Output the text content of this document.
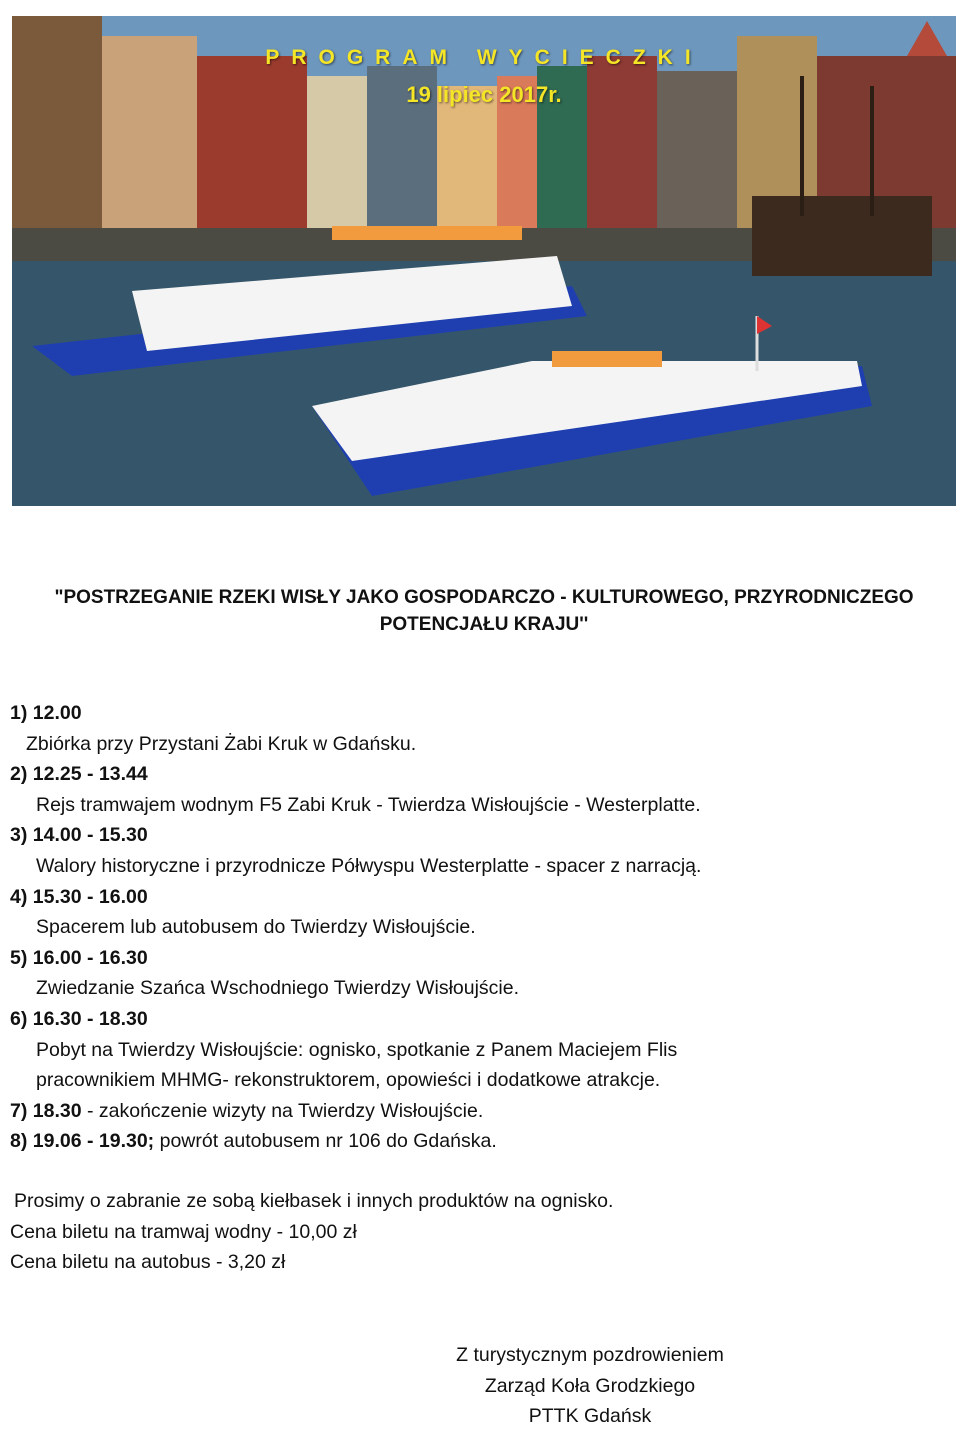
PROGRAM WYCIECZKI
19 lipiec 2017r.
"POSTRZEGANIE RZEKI WISŁY JAKO GOSPODARCZO - KULTUROWEGO, PRZYRODNICZEGO
POTENCJAŁU KRAJU''
1) 12.00
Zbiórka przy Przystani Żabi Kruk w Gdańsku.
2) 12.25 - 13.44
Rejs tramwajem wodnym F5 Zabi Kruk - Twierdza Wisłoujście - Westerplatte.
3) 14.00 - 15.30
Walory historyczne i przyrodnicze Półwyspu Westerplatte - spacer z narracją.
4) 15.30 - 16.00
Spacerem lub autobusem do Twierdzy Wisłoujście.
5) 16.00 - 16.30
Zwiedzanie Szańca Wschodniego Twierdzy Wisłoujście.
6) 16.30 - 18.30
Pobyt na Twierdzy Wisłoujście: ognisko, spotkanie z Panem Maciejem Flis
pracownikiem MHMG- rekonstruktorem, opowieści i dodatkowe atrakcje.
7) 18.30 - zakończenie wizyty na Twierdzy Wisłoujście.
8) 19.06 - 19.30; powrót autobusem nr 106 do Gdańska.
Prosimy o zabranie ze sobą kiełbasek i innych produktów na ognisko.
Cena biletu na tramwaj wodny - 10,00 zł
Cena biletu na autobus - 3,20 zł
Z turystycznym pozdrowieniem
Zarząd Koła Grodzkiego
PTTK Gdańsk
